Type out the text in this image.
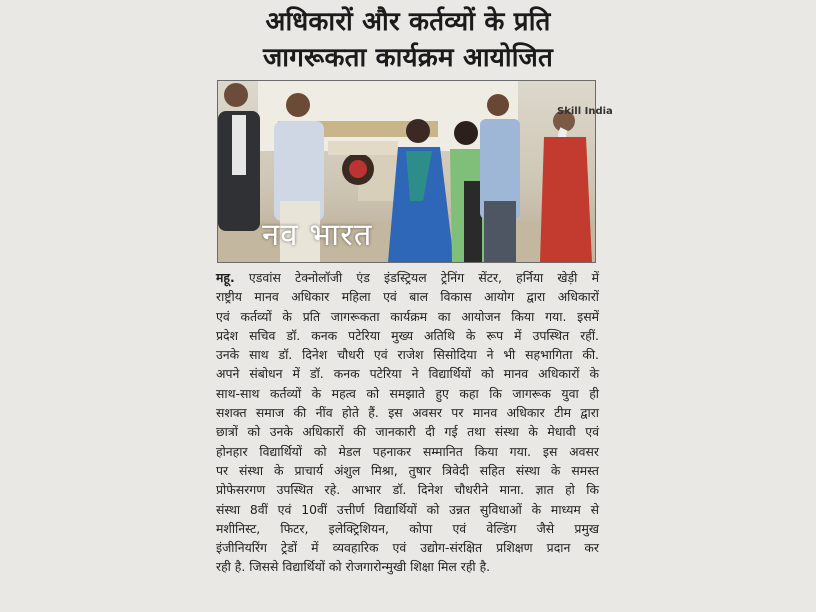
अधिकारों और कर्तव्यों के प्रति
जागरूकता कार्यक्रम आयोजित
Skill India
नव भारत
महू. एडवांस टेक्नोलॉजी एंड इंडस्ट्रियल ट्रेनिंग सेंटर, हर्निया खेड़ी में
राष्ट्रीय मानव अधिकार महिला एवं बाल विकास आयोग द्वारा अधिकारों
एवं कर्तव्यों के प्रति जागरूकता कार्यक्रम का आयोजन किया गया. इसमें
प्रदेश सचिव डॉ. कनक पटेरिया मुख्य अतिथि के रूप में उपस्थित रहीं.
उनके साथ डॉ. दिनेश चौधरी एवं राजेश सिसोदिया ने भी सहभागिता की.
अपने संबोधन में डॉ. कनक पटेरिया ने विद्यार्थियों को मानव अधिकारों के
साथ-साथ कर्तव्यों के महत्व को समझाते हुए कहा कि जागरूक युवा ही
सशक्त समाज की नींव होते हैं. इस अवसर पर मानव अधिकार टीम द्वारा
छात्रों को उनके अधिकारों की जानकारी दी गई तथा संस्था के मेधावी एवं
होनहार विद्यार्थियों को मेडल पहनाकर सम्मानित किया गया. इस अवसर
पर संस्था के प्राचार्य अंशुल मिश्रा, तुषार त्रिवेदी सहित संस्था के समस्त
प्रोफेसरगण उपस्थित रहे. आभार डॉ. दिनेश चौधरीने माना. ज्ञात हो कि
संस्था 8वीं एवं 10वीं उत्तीर्ण विद्यार्थियों को उन्नत सुविधाओं के माध्यम से
मशीनिस्ट, फिटर, इलेक्ट्रिशियन, कोपा एवं वेल्डिंग जैसे प्रमुख
इंजीनियरिंग ट्रेडों में व्यवहारिक एवं उद्योग-संरक्षित प्रशिक्षण प्रदान कर
रही है. जिससे विद्यार्थियों को रोजगारोन्मुखी शिक्षा मिल रही है.
